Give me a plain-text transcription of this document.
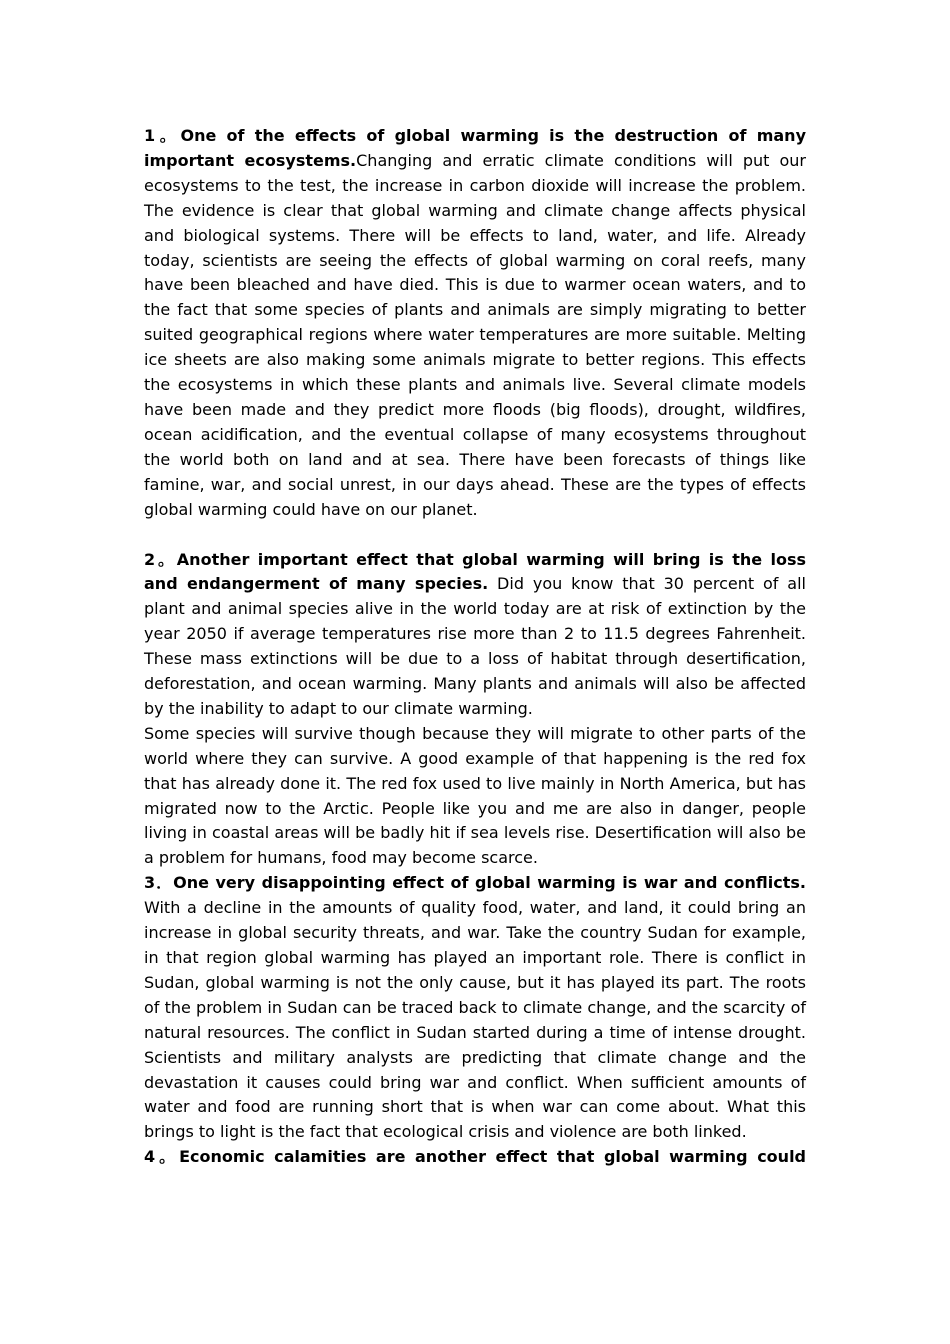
1。One of the effects of global warming is the destruction of many important ecosystems.Changing and erratic climate conditions will put our ecosystems to the test, the increase in carbon dioxide will increase the problem. The evidence is clear that global warming and climate change affects physical and biological systems. There will be effects to land, water, and life. Already today, scientists are seeing the effects of global warming on coral reefs, many have been bleached and have died. This is due to warmer ocean waters, and to the fact that some species of plants and animals are simply migrating to better suited geographical regions where water temperatures are more suitable. Melting ice sheets are also making some animals migrate to better regions. This effects the ecosystems in which these plants and animals live. Several climate models have been made and they predict more floods (big floods), drought, wildfires, ocean acidification, and the eventual collapse of many ecosystems throughout the world both on land and at sea. There have been forecasts of things like famine, war, and social unrest, in our days ahead. These are the types of effects global warming could have on our planet.

2。Another important effect that global warming will bring is the loss and endangerment of many species. Did you know that 30 percent of all plant and animal species alive in the world today are at risk of extinction by the year 2050 if average temperatures rise more than 2 to 11.5 degrees Fahrenheit. These mass extinctions will be due to a loss of habitat through desertification, deforestation, and ocean warming. Many plants and animals will also be affected by the inability to adapt to our climate warming.

Some species will survive though because they will migrate to other parts of the world where they can survive. A good example of that happening is the red fox that has already done it. The red fox used to live mainly in North America, but has migrated now to the Arctic. People like you and me are also in danger, people living in coastal areas will be badly hit if sea levels rise. Desertification will also be a problem for humans, food may become scarce.

3．One very disappointing effect of global warming is war and conflicts. With a decline in the amounts of quality food, water, and land, it could bring an increase in global security threats, and war. Take the country Sudan for example, in that region global warming has played an important role. There is conflict in Sudan, global warming is not the only cause, but it has played its part. The roots of the problem in Sudan can be traced back to climate change, and the scarcity of natural resources. The conflict in Sudan started during a time of intense drought. Scientists and military analysts are predicting that climate change and the devastation it causes could bring war and conflict. When sufficient amounts of water and food are running short that is when war can come about. What this brings to light is the fact that ecological crisis and violence are both linked.

4。Economic calamities are another effect that global warming could
